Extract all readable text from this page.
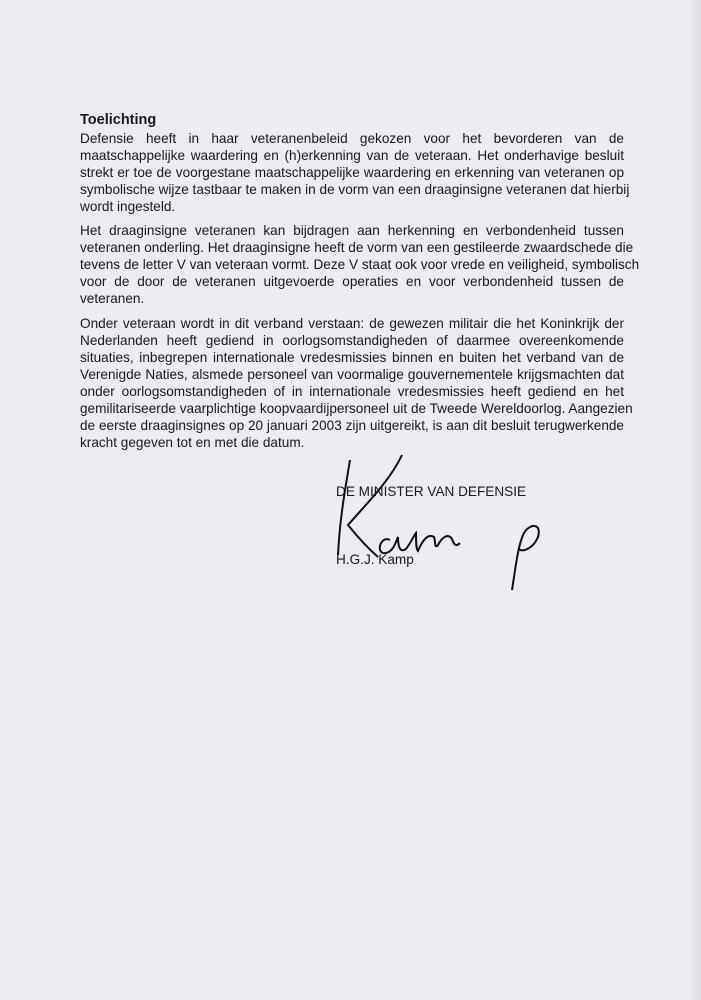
Toelichting
Defensie heeft in haar veteranenbeleid gekozen voor het bevorderen van de
maatschappelijke waardering en (h)erkenning van de veteraan. Het onderhavige besluit
strekt er toe de voorgestane maatschappelijke waardering en erkenning van veteranen op
symbolische wijze tastbaar te maken in de vorm van een draaginsigne veteranen dat hierbij
wordt ingesteld.
Het draaginsigne veteranen kan bijdragen aan herkenning en verbondenheid tussen
veteranen onderling. Het draaginsigne heeft de vorm van een gestileerde zwaardschede die
tevens de letter V van veteraan vormt. Deze V staat ook voor vrede en veiligheid, symbolisch
voor de door de veteranen uitgevoerde operaties en voor verbondenheid tussen de
veteranen.
Onder veteraan wordt in dit verband verstaan: de gewezen militair die het Koninkrijk der
Nederlanden heeft gediend in oorlogsomstandigheden of daarmee overeenkomende
situaties, inbegrepen internationale vredesmissies binnen en buiten het verband van de
Verenigde Naties, alsmede personeel van voormalige gouvernementele krijgsmachten dat
onder oorlogsomstandigheden of in internationale vredesmissies heeft gediend en het
gemilitariseerde vaarplichtige koopvaardijpersoneel uit de Tweede Wereldoorlog. Aangezien
de eerste draaginsignes op 20 januari 2003 zijn uitgereikt, is aan dit besluit terugwerkende
kracht gegeven tot en met die datum.
DE MINISTER VAN DEFENSIE
H.G.J. Kamp
